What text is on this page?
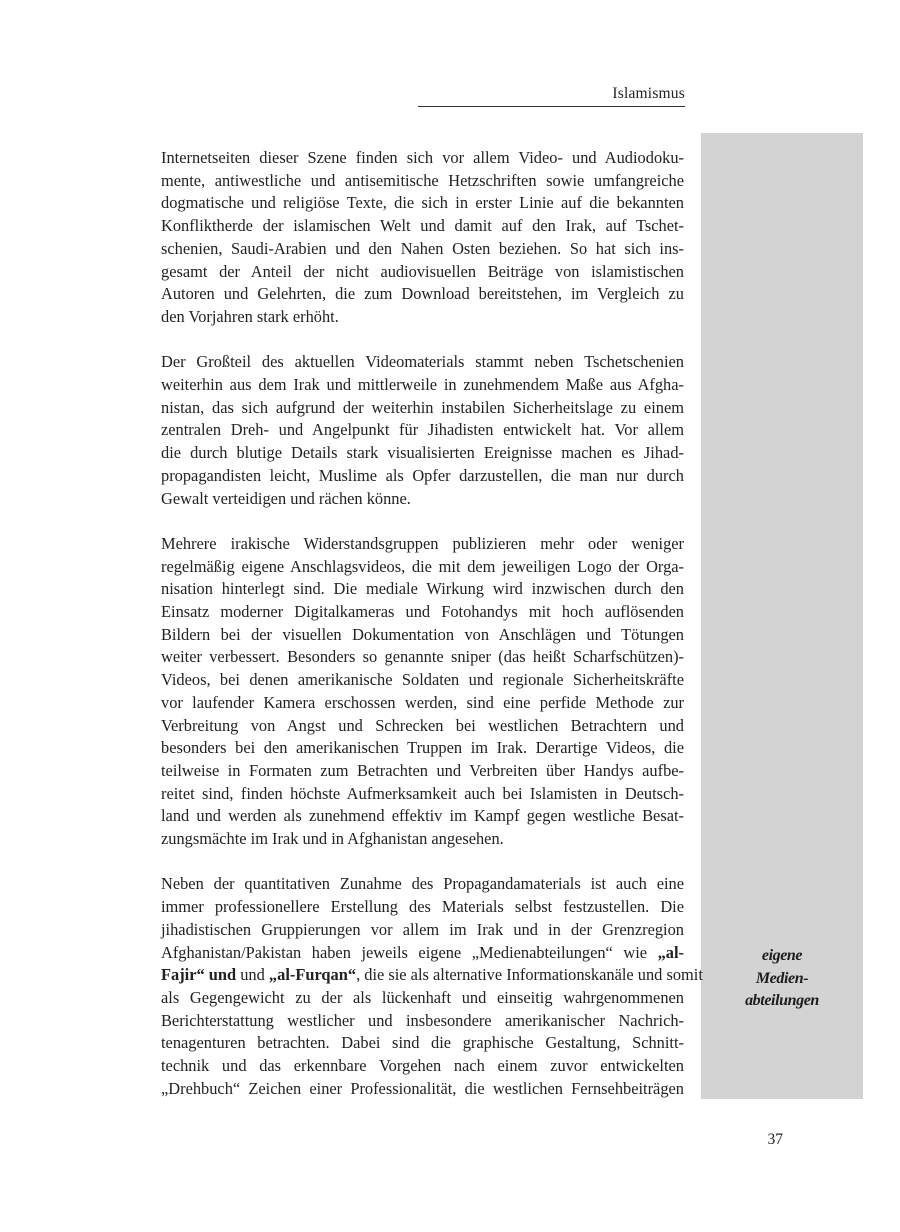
Islamismus
eigene
Medien-
abteilungen
Internetseiten dieser Szene finden sich vor allem Video- und Audiodoku-
mente, antiwestliche und antisemitische Hetzschriften sowie umfangreiche
dogmatische und religiöse Texte, die sich in erster Linie auf die bekannten
Konfliktherde der islamischen Welt und damit auf den Irak, auf Tschet-
schenien, Saudi-Arabien und den Nahen Osten beziehen. So hat sich ins-
gesamt der Anteil der nicht audiovisuellen Beiträge von islamistischen
Autoren und Gelehrten, die zum Download bereitstehen, im Vergleich zu
den Vorjahren stark erhöht.
Der Großteil des aktuellen Videomaterials stammt neben Tschetschenien
weiterhin aus dem Irak und mittlerweile in zunehmendem Maße aus Afgha-
nistan, das sich aufgrund der weiterhin instabilen Sicherheitslage zu einem
zentralen Dreh- und Angelpunkt für Jihadisten entwickelt hat. Vor allem
die durch blutige Details stark visualisierten Ereignisse machen es Jihad-
propagandisten leicht, Muslime als Opfer darzustellen, die man nur durch
Gewalt verteidigen und rächen könne.
Mehrere irakische Widerstandsgruppen publizieren mehr oder weniger
regelmäßig eigene Anschlagsvideos, die mit dem jeweiligen Logo der Orga-
nisation hinterlegt sind. Die mediale Wirkung wird inzwischen durch den
Einsatz moderner Digitalkameras und Fotohandys mit hoch auflösenden
Bildern bei der visuellen Dokumentation von Anschlägen und Tötungen
weiter verbessert. Besonders so genannte sniper (das heißt Scharfschützen)-
Videos, bei denen amerikanische Soldaten und regionale Sicherheitskräfte
vor laufender Kamera erschossen werden, sind eine perfide Methode zur
Verbreitung von Angst und Schrecken bei westlichen Betrachtern und
besonders bei den amerikanischen Truppen im Irak. Derartige Videos, die
teilweise in Formaten zum Betrachten und Verbreiten über Handys aufbe-
reitet sind, finden höchste Aufmerksamkeit auch bei Islamisten in Deutsch-
land und werden als zunehmend effektiv im Kampf gegen westliche Besat-
zungsmächte im Irak und in Afghanistan angesehen.
Neben der quantitativen Zunahme des Propagandamaterials ist auch eine
immer professionellere Erstellung des Materials selbst festzustellen. Die
jihadistischen Gruppierungen vor allem im Irak und in der Grenzregion
Afghanistan/Pakistan haben jeweils eigene „Medienabteilungen“ wie „al-
Fajir“ und und „al-Furqan“, die sie als alternative Informationskanäle und somit
als Gegengewicht zu der als lückenhaft und einseitig wahrgenommenen
Berichterstattung westlicher und insbesondere amerikanischer Nachrich-
tenagenturen betrachten. Dabei sind die graphische Gestaltung, Schnitt-
technik und das erkennbare Vorgehen nach einem zuvor entwickelten
„Drehbuch“ Zeichen einer Professionalität, die westlichen Fernsehbeiträgen
37
